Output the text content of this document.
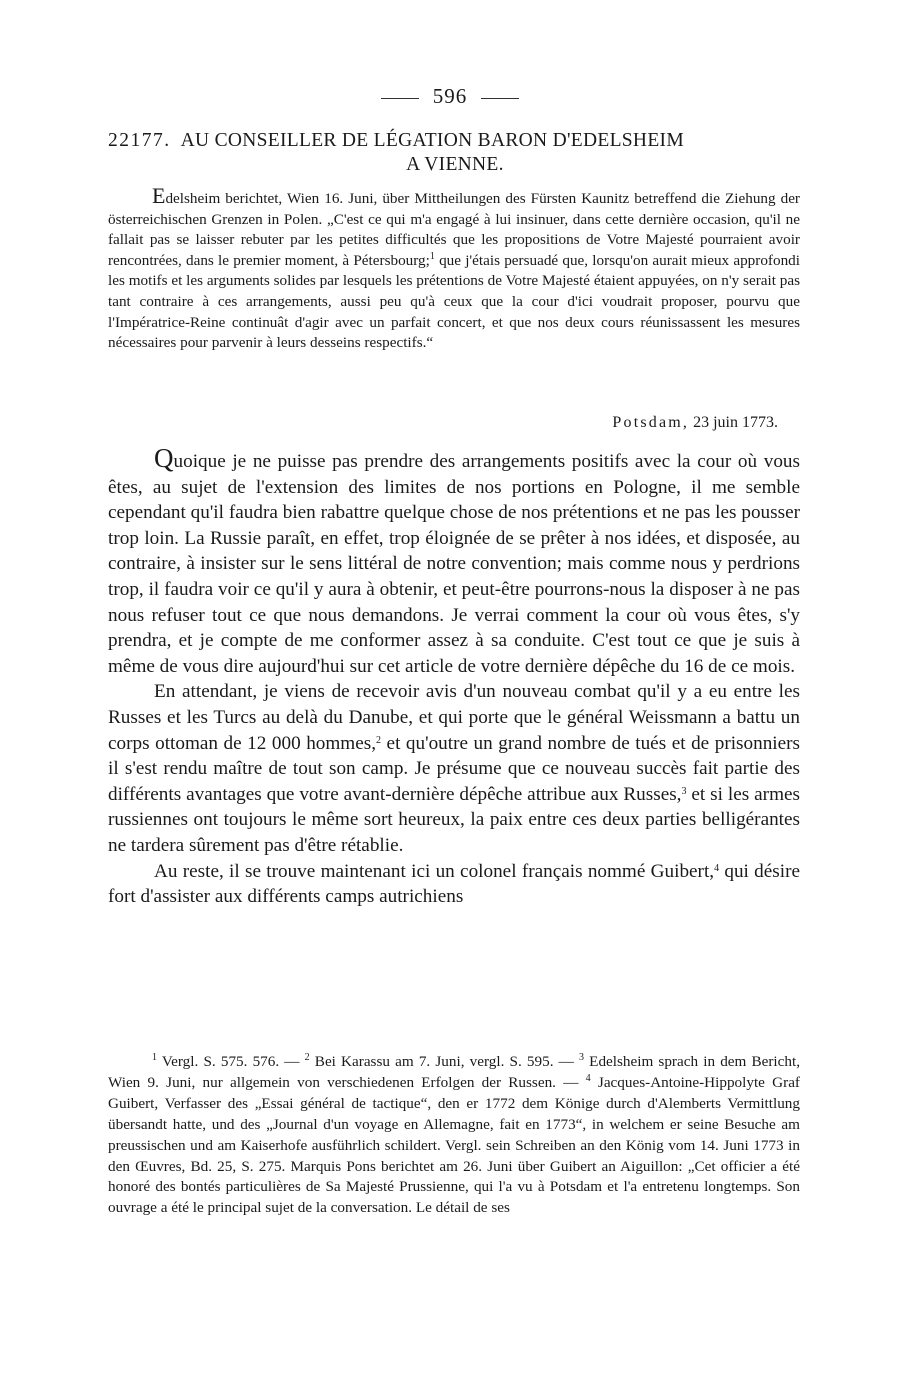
596
22177. AU CONSEILLER DE LÉGATION BARON D'EDELSHEIM
A VIENNE.
Edelsheim berichtet, Wien 16. Juni, über Mittheilungen des Fürsten Kaunitz betreffend die Ziehung der österreichischen Grenzen in Polen. „C'est ce qui m'a engagé à lui insinuer, dans cette dernière occasion, qu'il ne fallait pas se laisser rebuter par les petites difficultés que les propositions de Votre Majesté pourraient avoir rencontrées, dans le premier moment, à Pétersbourg;$^1$ que j'étais persuadé que, lorsqu'on aurait mieux approfondi les motifs et les arguments solides par lesquels les prétentions de Votre Majesté étaient appuyées, on n'y serait pas tant contraire à ces arrangements, aussi peu qu'à ceux que la cour d'ici voudrait proposer, pourvu que l'Impératrice-Reine continuât d'agir avec un parfait concert, et que nos deux cours réunissassent les mesures nécessaires pour parvenir à leurs desseins respectifs.“
Potsdam, 23 juin 1773.

Quoique je ne puisse pas prendre des arrangements positifs avec la cour où vous êtes, au sujet de l'extension des limites de nos portions en Pologne, il me semble cependant qu'il faudra bien rabattre quelque chose de nos prétentions et ne pas les pousser trop loin. La Russie paraît, en effet, trop éloignée de se prêter à nos idées, et disposée, au contraire, à insister sur le sens littéral de notre convention; mais comme nous y perdrions trop, il faudra voir ce qu'il y aura à obtenir, et peut-être pourrons-nous la disposer à ne pas nous refuser tout ce que nous demandons. Je verrai comment la cour où vous êtes, s'y prendra, et je compte de me conformer assez à sa conduite. C'est tout ce que je suis à même de vous dire aujourd'hui sur cet article de votre dernière dépêche du 16 de ce mois.

En attendant, je viens de recevoir avis d'un nouveau combat qu'il y a eu entre les Russes et les Turcs au delà du Danube, et qui porte que le général Weissmann a battu un corps ottoman de 12 000 hommes,$^2$ et qu'outre un grand nombre de tués et de prisonniers il s'est rendu maître de tout son camp. Je présume que ce nouveau succès fait partie des différents avantages que votre avant-dernière dépêche attribue aux Russes,$^3$ et si les armes russiennes ont toujours le même sort heureux, la paix entre ces deux parties belligérantes ne tardera sûrement pas d'être rétablie.

Au reste, il se trouve maintenant ici un colonel français nommé Guibert,$^4$ qui désire fort d'assister aux différents camps autrichiens

$^1$ Vergl. S. 575. 576. — $^2$ Bei Karassu am 7. Juni, vergl. S. 595. — $^3$ Edelsheim sprach in dem Bericht, Wien 9. Juni, nur allgemein von verschiedenen Erfolgen der Russen. — $^4$ Jacques-Antoine-Hippolyte Graf Guibert, Verfasser des „Essai général de tactique“, den er 1772 dem Könige durch d'Alemberts Vermittlung übersandt hatte, und des „Journal d'un voyage en Allemagne, fait en 1773“, in welchem er seine Besuche am preussischen und am Kaiserhofe ausführlich schildert. Vergl. sein Schreiben an den König vom 14. Juni 1773 in den Œuvres, Bd. 25, S. 275. Marquis Pons berichtet am 26. Juni über Guibert an Aiguillon: „Cet officier a été honoré des bontés particulières de Sa Majesté Prussienne, qui l'a vu à Potsdam et l'a entretenu longtemps. Son ouvrage a été le principal sujet de la conversation. Le détail de ses
